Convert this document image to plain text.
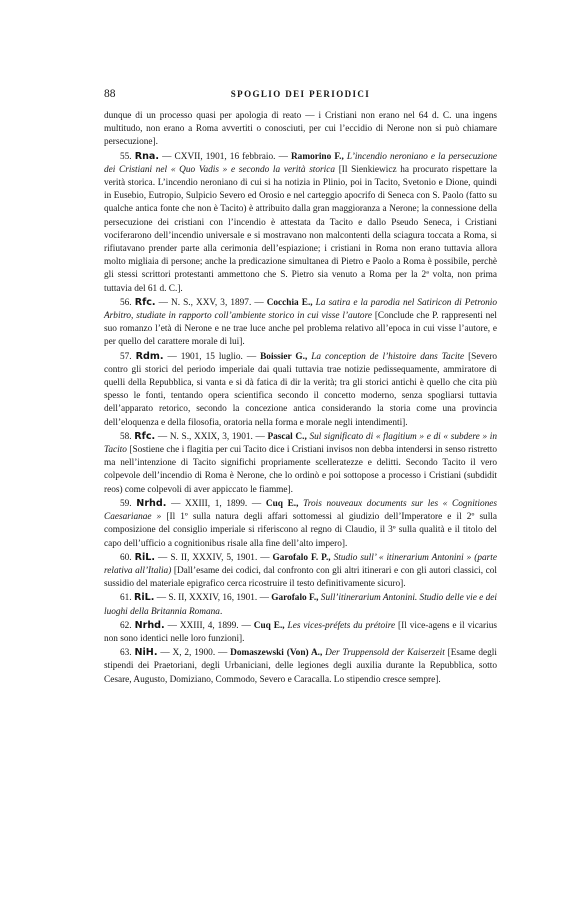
88	SPOGLIO DEI PERIODICI

dunque di un processo quasi per apologia di reato — i Cristiani non erano nel 64 d. C. una ingens multitudo, non erano a Roma avvertiti o conosciuti, per cui l’eccidio di Nerone non si può chiamare persecuzione].

55. Rna. — CXVII, 1901, 16 febbraio. — Ramorino F., L’incendio neroniano e la persecuzione dei Cristiani nel « Quo Vadis » e secondo la verità storica [Il Sienkiewicz ha procurato rispettare la verità storica. L’incendio neroniano di cui si ha notizia in Plinio, poi in Tacito, Svetonio e Dione, quindi in Eusebio, Eutropio, Sulpicio Severo ed Orosio e nel carteggio apocrifo di Seneca con S. Paolo (fatto su qualche antica fonte che non è Tacito) è attribuito dalla gran maggioranza a Nerone; la connessione della persecuzione dei cristiani con l’incendio è attestata da Tacito e dallo Pseudo Seneca, i Cristiani vociferarono dell’incendio universale e si mostravano non malcontenti della sciagura toccata a Roma, si rifiutavano prender parte alla cerimonia dell’espiazione; i cristiani in Roma non erano tuttavia allora molto migliaia di persone; anche la predicazione simultanea di Pietro e Paolo a Roma è possibile, perchè gli stessi scrittori protestanti ammettono che S. Pietro sia venuto a Roma per la 2ª volta, non prima tuttavia del 61 d. C.].

56. Rfc. — N. S., XXV, 3, 1897. — Cocchia E., La satira e la parodia nel Satiricon di Petronio Arbitro, studiate in rapporto coll’ambiente storico in cui visse l’autore [Conclude che P. rappresenti nel suo romanzo l’età di Nerone e ne trae luce anche pel problema relativo all’epoca in cui visse l’autore, e per quello del carattere morale di lui].

57. Rdm. — 1901, 15 luglio. — Boissier G., La conception de l’histoire dans Tacite [Severo contro gli storici del periodo imperiale dai quali tuttavia trae notizie pedissequamente, ammiratore di quelli della Repubblica, si vanta e si dà fatica di dir la verità; tra gli storici antichi è quello che cita più spesso le fonti, tentando opera scientifica secondo il concetto moderno, senza spogliarsi tuttavia dell’apparato retorico, secondo la concezione antica considerando la storia come una provincia dell’eloquenza e della filosofia, oratoria nella forma e morale negli intendimenti].

58. Rfc. — N. S., XXIX, 3, 1901. — Pascal C., Sul significato di « flagitium » e di « subdere » in Tacito [Sostiene che i flagitia per cui Tacito dice i Cristiani invisos non debba intendersi in senso ristretto ma nell’intenzione di Tacito significhi propriamente scelleratezze e delitti. Secondo Tacito il vero colpevole dell’incendio di Roma è Nerone, che lo ordinò e poi sottopose a processo i Cristiani (subdidit reos) come colpevoli di aver appiccato le fiamme].

59. Nrhd. — XXIII, 1, 1899. — Cuq E., Trois nouveaux documents sur les « Cognitiones Caesarianae » [Il 1º sulla natura degli affari sottomessi al giudizio dell’Imperatore e il 2º sulla composizione del consiglio imperiale si riferiscono al regno di Claudio, il 3º sulla qualità e il titolo del capo dell’ufficio a cognitionibus risale alla fine dell’alto impero].

60. RiL. — S. II, XXXIV, 5, 1901. — Garofalo F. P., Studio sull’ « itinerarium Antonini » (parte relativa all’Italia) [Dall’esame dei codici, dal confronto con gli altri itinerari e con gli autori classici, col sussidio del materiale epigrafico cerca ricostruire il testo definitivamente sicuro].

61. RiL. — S. II, XXXIV, 16, 1901. — Garofalo F., Sull’itinerarium Antonini. Studio delle vie e dei luoghi della Britannia Romana.

62. Nrhd. — XXIII, 4, 1899. — Cuq E., Les vices-préfets du prétoire [Il vice-agens e il vicarius non sono identici nelle loro funzioni].

63. NiH. — X, 2, 1900. — Domaszewski (Von) A., Der Truppensold der Kaiserzeit [Esame degli stipendi dei Praetoriani, degli Urbaniciani, delle legiones degli auxilia durante la Repubblica, sotto Cesare, Augusto, Domiziano, Commodo, Severo e Caracalla. Lo stipendio cresce sempre].
